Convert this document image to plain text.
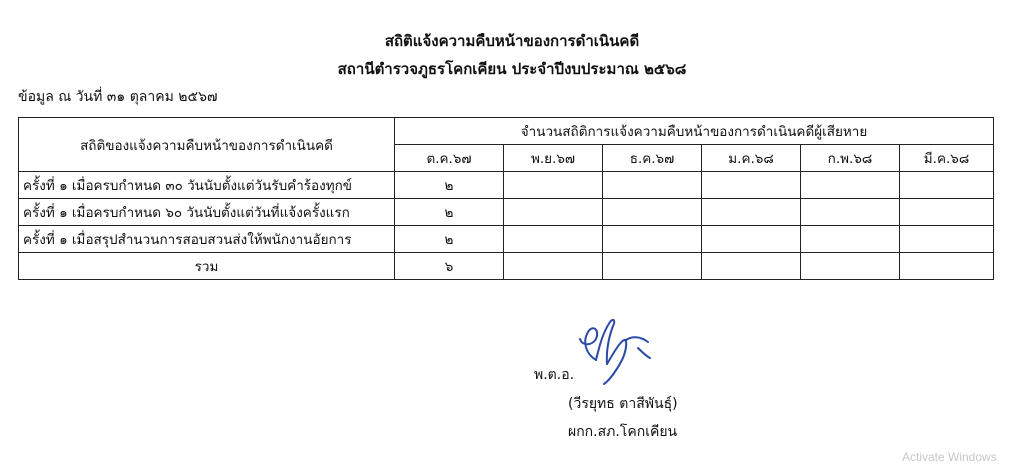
สถิติแจ้งความคืบหน้าของการดำเนินคดี
สถานีตำรวจภูธรโคกเคียน ประจำปีงบประมาณ ๒๕๖๘
ข้อมูล ณ วันที่ ๓๑ ตุลาคม ๒๕๖๗
สถิติของแจ้งความคืบหน้าของการดำเนินคดี	จำนวนสถิติการแจ้งความคืบหน้าของการดำเนินคดีผู้เสียหาย					
	ต.ค.๖๗	พ.ย.๖๗	ธ.ค.๖๗	ม.ค.๖๘	ก.พ.๖๘	มี.ค.๖๘
ครั้งที่ ๑ เมื่อครบกำหนด ๓๐ วันนับตั้งแต่วันรับคำร้องทุกข์	๒					
ครั้งที่ ๑ เมื่อครบกำหนด ๖๐ วันนับตั้งแต่วันที่แจ้งครั้งแรก	๒					
ครั้งที่ ๑ เมื่อสรุปสำนวนการสอบสวนส่งให้พนักงานอัยการ	๒					
รวม	๖					
พ.ต.อ.
(วีรยุทธ ตาสีพันธุ์)
ผกก.สภ.โคกเคียน
Activate Windows
